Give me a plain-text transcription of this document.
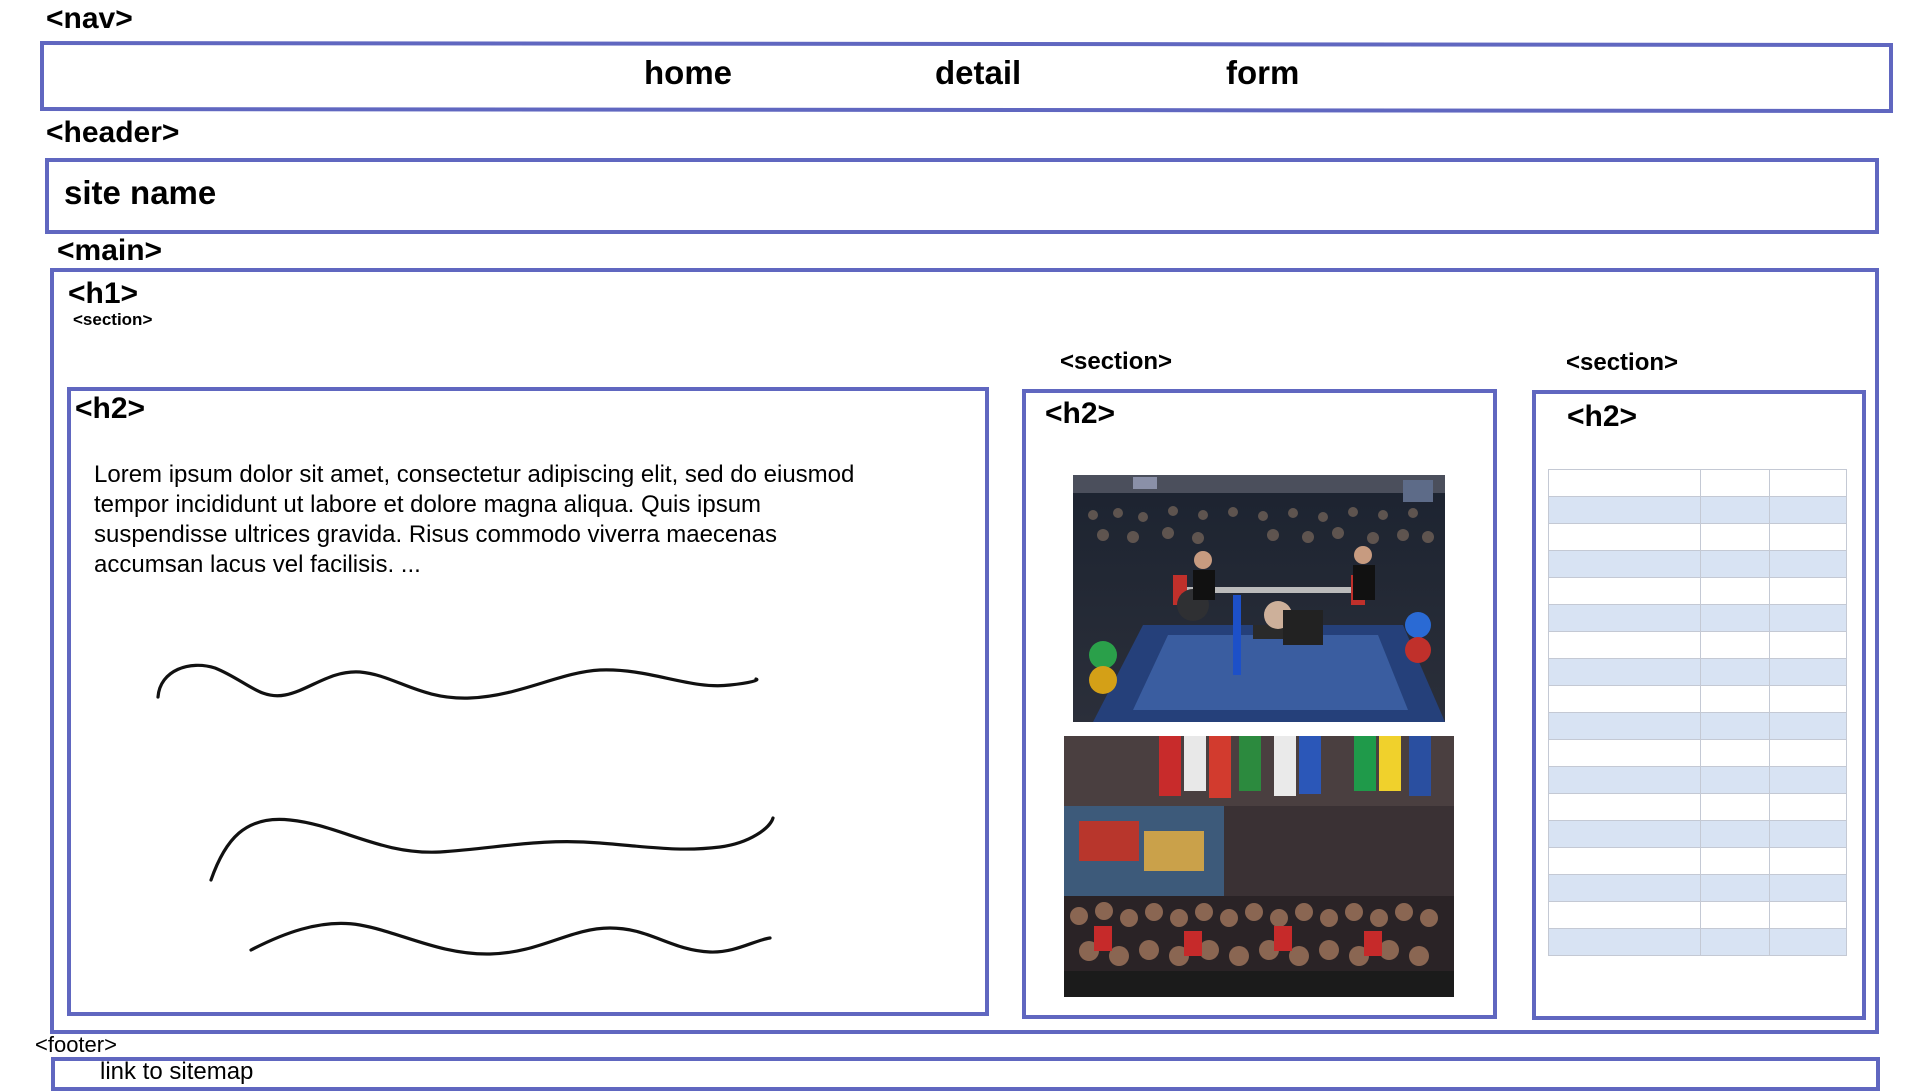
<nav>
home	detail	form
<header>
site name
<main>
<h1>
<section>
<h2>
Lorem ipsum dolor sit amet, consectetur adipiscing elit, sed do eiusmod
tempor incididunt ut labore et dolore magna aliqua. Quis ipsum
suspendisse ultrices gravida. Risus commodo viverra maecenas
accumsan lacus vel facilisis. ...
<section>
<h2>
<section>
<h2>

<footer>
link to sitemap
